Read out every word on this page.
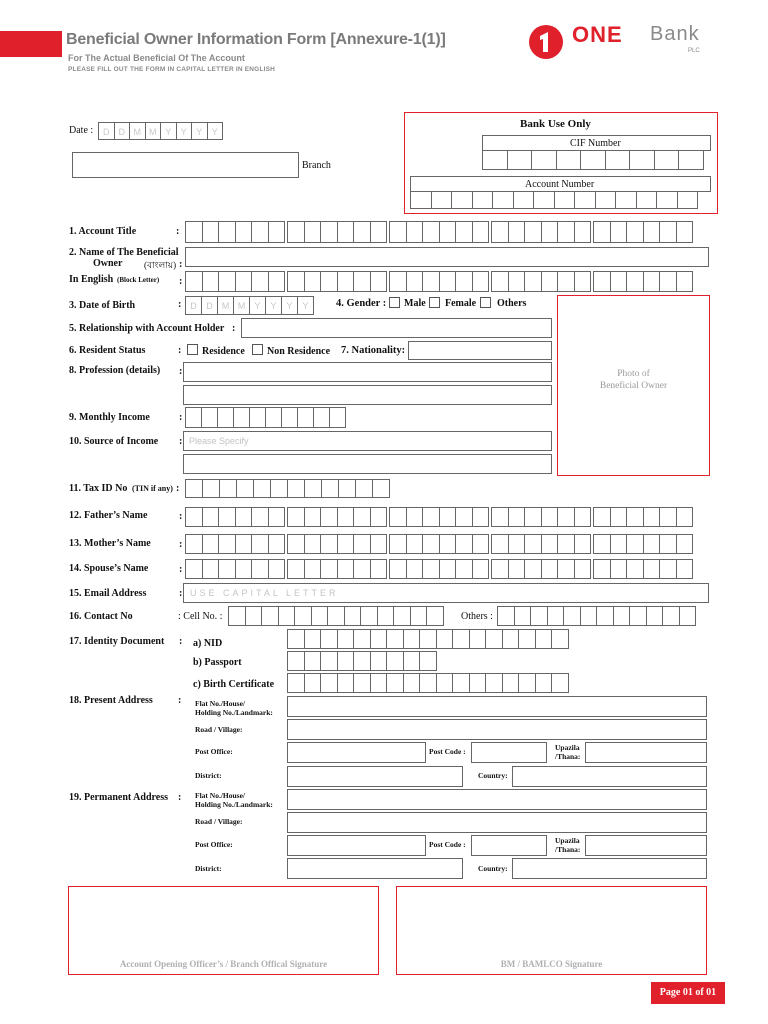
Beneficial Owner Information Form [Annexure-1(1)]
For The Actual Beneficial Of The Account
PLEASE FILL OUT THE FORM IN CAPITAL LETTER IN ENGLISH
ONE Bank
PLC
Date :	D	D M M Y	Y	Y	Y
Branch
Bank Use Only
CIF Number
Account Number
1. Account Title	:
2. Name of The Beneficial
Owner (বাংলায়) :
In English (Block Letter) :
3. Date of Birth	: D	D	M M	Y	Y	Y	Y	4. Gender : Male Female Others
Photo of
Beneficial Owner
5. Relationship with Account Holder :
6. Resident Status	: Residence Non Residence 7. Nationality:
8. Profession (details) :
9. Monthly Income	:
10. Source of Income : Please Specify
11. Tax ID No (TIN if any) :
12. Father’s Name	:
13. Mother’s Name	:
14. Spouse’s Name	:
15. Email Address	: USE CAPITAL LETTER
16. Contact No	: Cell No. :	Others :
17. Identity Document : a) NID
b) Passport
c) Birth Certificate
18. Present Address	: Flat No./House/
Holding No./Landmark:
Road / Village:
Post Office:	Post Code :	Upazila
/Thana:
District:	Country:
19. Permanent Address : Flat No./House/
Holding No./Landmark:
Road / Village:
Post Office:	Post Code :	Upazila
/Thana:
District:	Country:
Account Opening Officer’s / Branch Offical Signature	BM / BAMLCO Signature
Page 01 of 01
